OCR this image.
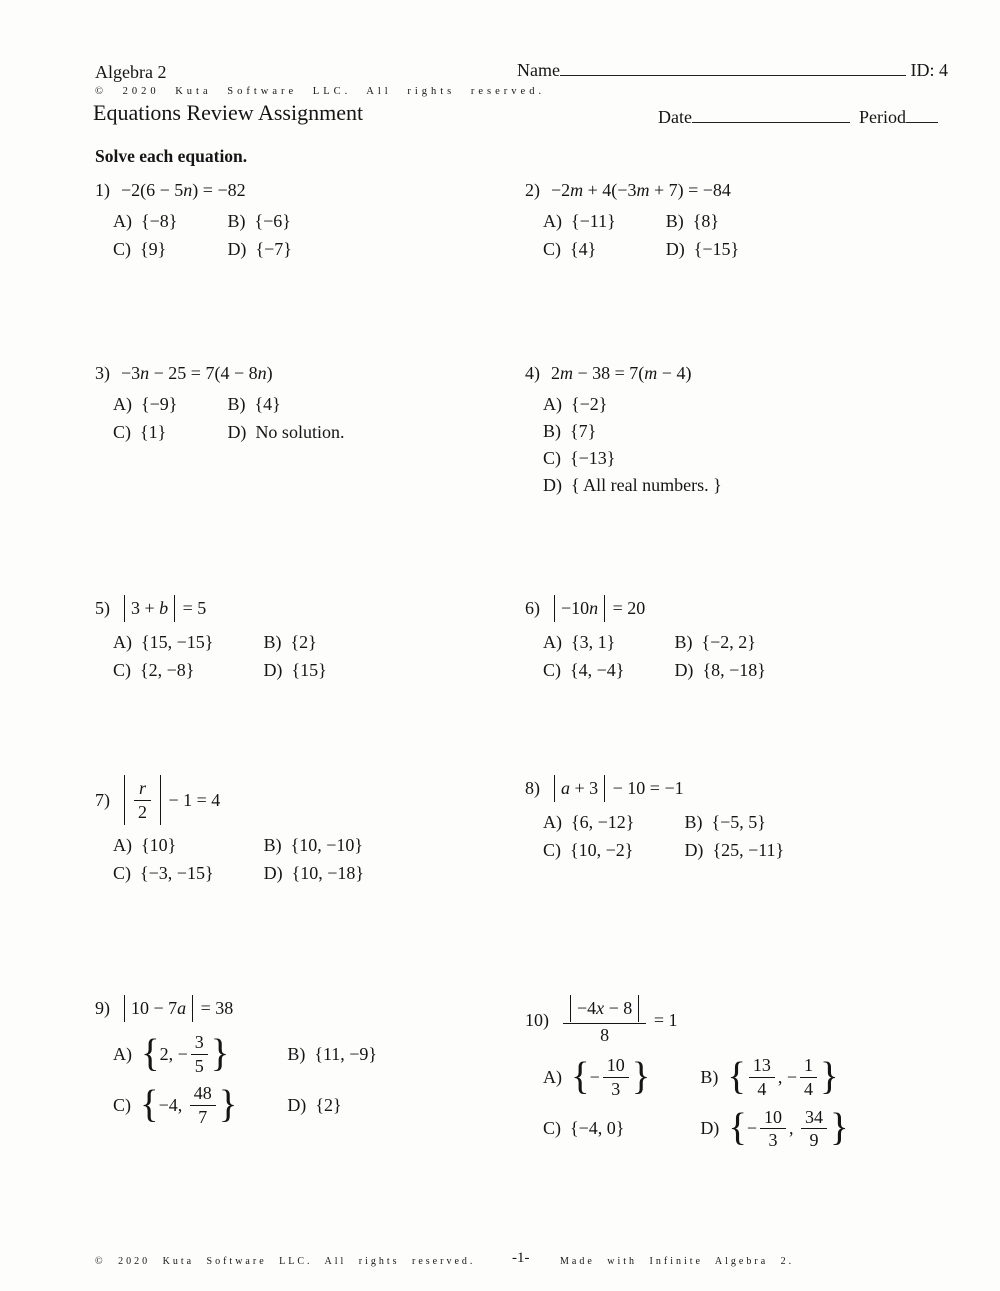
Algebra 2
© 2020 Kuta Software LLC. All rights reserved.
Name	ID: 4
Equations Review Assignment	Date	Period
Solve each equation.
1) −2(6 − 5 n ) = −82
A) {−8}	B) {−6}
C) {9}	D) {−7}
2) −2 m + 4(−3 m + 7) = −84
A) {−11}	B) {8}
C) {4}	D) {−15}
3) −3 n − 25 = 7(4 − 8 n )
A) {−9}	B) {4}
C) {1}	D) No solution.
4) 2 m − 38 = 7( m − 4)
A) {−2}
B) {7}
C) {−13}
D) { All real numbers. }
5) 3 + b = 5
A) {15, −15}	B) {2}
C) {2, −8}	D) {15}
6) −10 n = 20
A) {3, 1}	B) {−2, 2}
C) {4, −4}	D) {8, −18}
$7) \frac{r}{2} - 1 = 4$
A) {10}	B) {10, −10}
C) {−3, −15}	D) {10, −18}
8) a + 3 − 10 = −1
A) {6, −12}	B) {−5, 5}
C) {10, −2}	D) {25, −11}
9) 10 − 7 a = 38
A) { 2, − $\frac{3}{5}$ }	B) {11, −9}
C) { −4, $\frac{48}{7}$ }	D) {2}
$10) \frac{-4 x - 8}{8} = 1$
A) { − $\frac{10}{3}$ }	B) { $\frac{13}{4}$ , − $\frac{1}{4}$ }
C) {−4, 0}	D) { − $\frac{10}{3}$ , $\frac{34}{9}$ }
© 2020 Kuta Software LLC. All rights reserved. -1-	Made with Infinite Algebra 2.
